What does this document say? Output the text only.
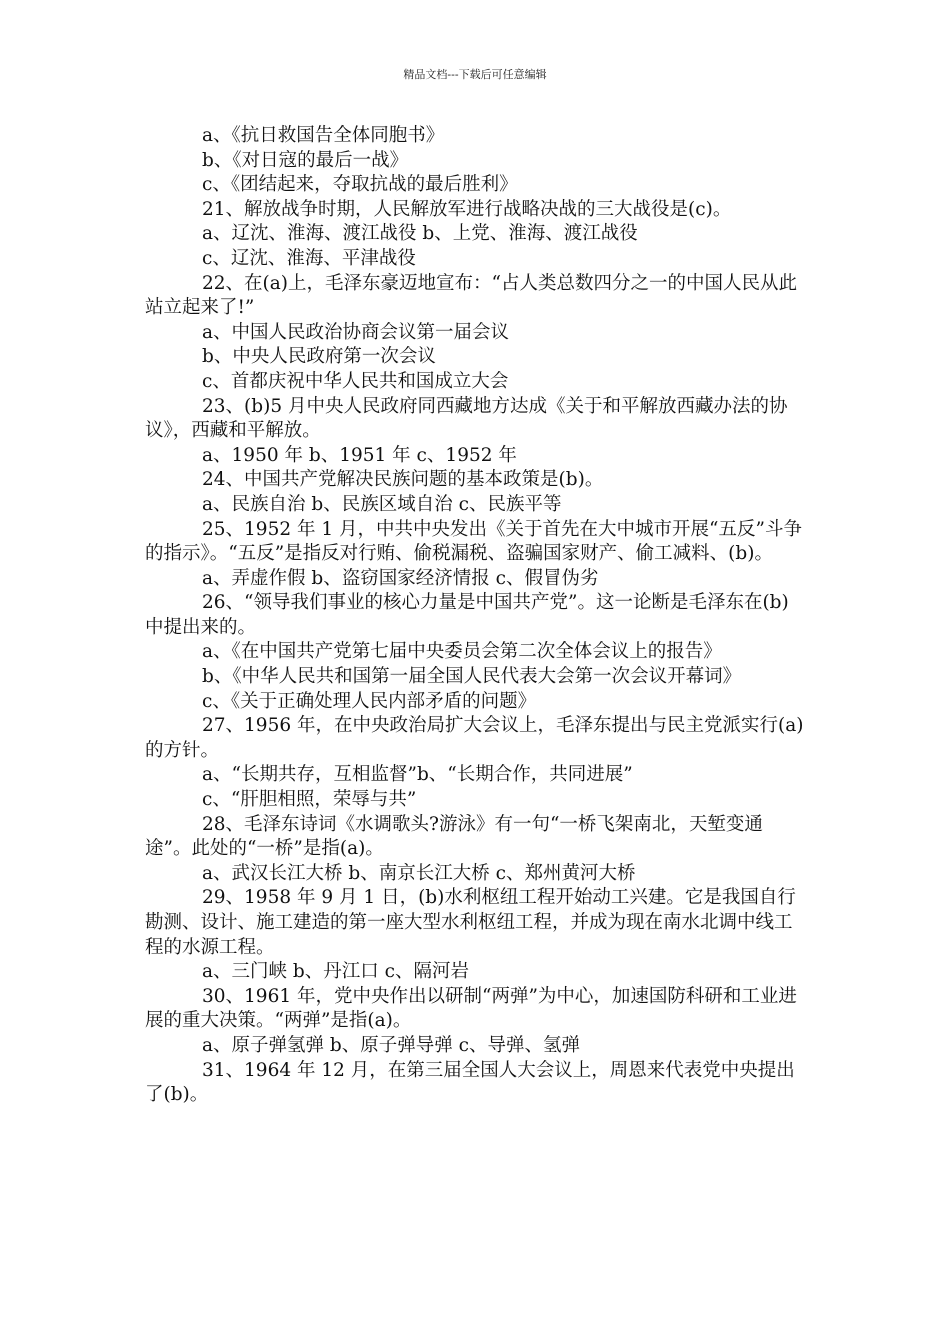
精品文档---下载后可任意编辑

a、《抗日救国告全体同胞书》

b、《对日寇的最后一战》

c、《团结起来，夺取抗战的最后胜利》

21、解放战争时期，人民解放军进行战略决战的三大战役是(c)。

a、辽沈、淮海、渡江战役 b、上党、淮海、渡江战役

c、辽沈、淮海、平津战役

22、在(a)上，毛泽东豪迈地宣布：“占人类总数四分之一的中国人民从此站立起来了!”

a、中国人民政治协商会议第一届会议

b、中央人民政府第一次会议

c、首都庆祝中华人民共和国成立大会

23、(b)5 月中央人民政府同西藏地方达成《关于和平解放西藏办法的协议》，西藏和平解放。

a、1950 年 b、1951 年 c、1952 年

24、中国共产党解决民族问题的基本政策是(b)。

a、民族自治 b、民族区域自治 c、民族平等

25、1952 年 1 月，中共中央发出《关于首先在大中城市开展“五反”斗争的指示》。“五反”是指反对行贿、偷税漏税、盗骗国家财产、偷工减料、(b)。

a、弄虚作假 b、盗窃国家经济情报 c、假冒伪劣

26、“领导我们事业的核心力量是中国共产党”。这一论断是毛泽东在(b)中提出来的。

a、《在中国共产党第七届中央委员会第二次全体会议上的报告》

b、《中华人民共和国第一届全国人民代表大会第一次会议开幕词》

c、《关于正确处理人民内部矛盾的问题》

27、1956 年，在中央政治局扩大会议上，毛泽东提出与民主党派实行(a)的方针。

a、“长期共存，互相监督”b、“长期合作，共同进展”

c、“肝胆相照，荣辱与共”

28、毛泽东诗词《水调歌头?游泳》有一句“一桥飞架南北，天堑变通途”。此处的“一桥”是指(a)。

a、武汉长江大桥 b、南京长江大桥 c、郑州黄河大桥

29、1958 年 9 月 1 日，(b)水利枢纽工程开始动工兴建。它是我国自行勘测、设计、施工建造的第一座大型水利枢纽工程，并成为现在南水北调中线工程的水源工程。

a、三门峡 b、丹江口 c、隔河岩

30、1961 年，党中央作出以研制“两弹”为中心，加速国防科研和工业进展的重大决策。“两弹”是指(a)。

a、原子弹氢弹 b、原子弹导弹 c、导弹、氢弹

31、1964 年 12 月，在第三届全国人大会议上，周恩来代表党中央提出了(b)。
